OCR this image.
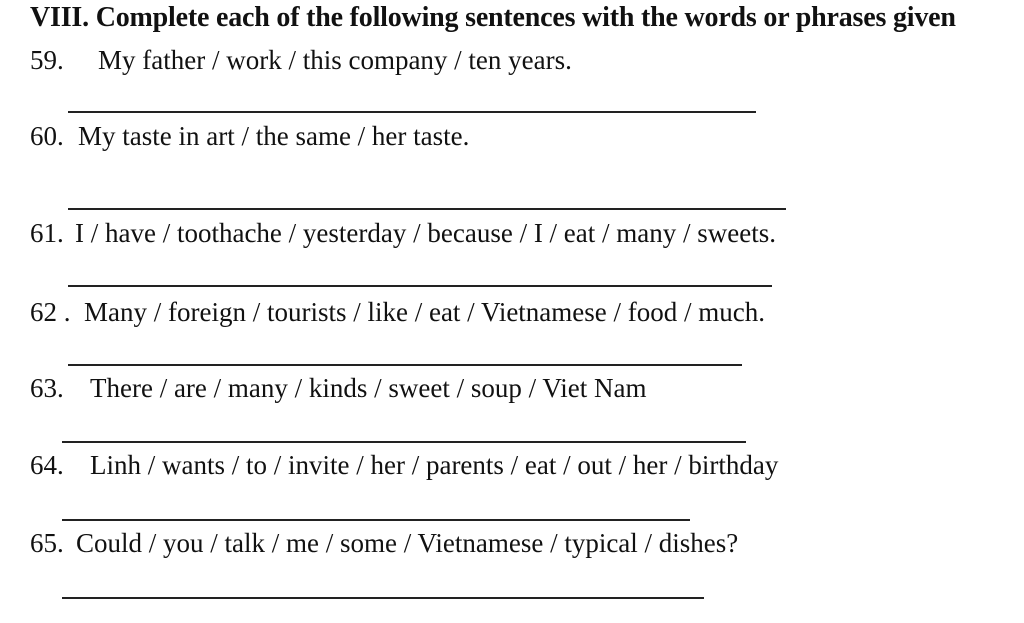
VIII. Complete each of the following sentences with the words or phrases given
59. My father / work / this company / ten years.
60. My taste in art / the same / her taste.
61. I / have / toothache / yesterday / because / I / eat / many / sweets.
62 . Many / foreign / tourists / like / eat / Vietnamese / food / much.
63. There / are / many / kinds / sweet / soup / Viet Nam
64. Linh / wants / to / invite / her / parents / eat / out / her / birthday
65. Could / you / talk / me / some / Vietnamese / typical / dishes?
